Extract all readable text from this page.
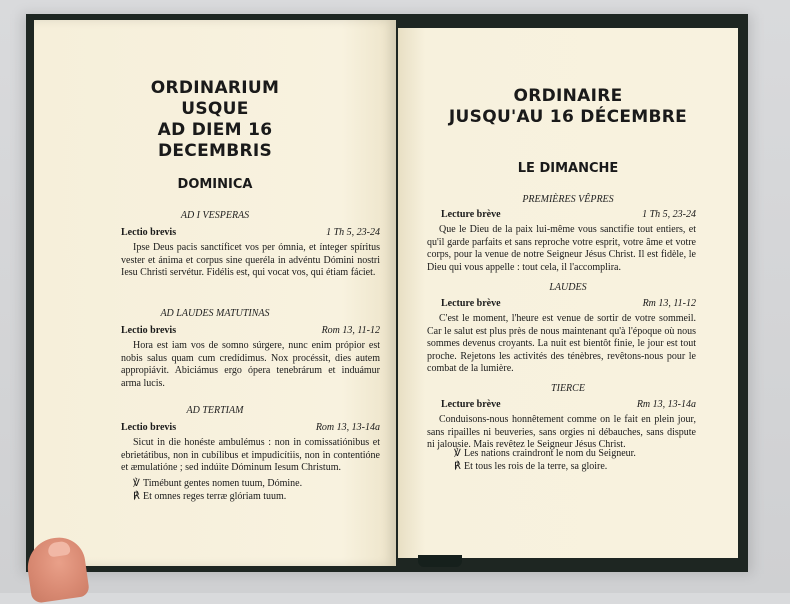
ORDINARIUM
USQUE
AD DIEM 16 DECEMBRIS
DOMINICA
AD I VESPERAS
Lectio brevis	1 Th 5, 23-24

Ipse Deus pacis sanctíficet vos per ómnia, et ínteger spíritus vester et ánima et corpus sine queréla in advéntu Dómini nostri Iesu Christi servétur. Fidélis est, qui vocat vos, qui étiam fáciet.

AD LAUDES MATUTINAS
Lectio brevis	Rom 13, 11-12

Hora est iam vos de somno súrgere, nunc enim própior est nobis salus quam cum credídimus. Nox procéssit, dies autem appropiávit. Abiciámus ergo ópera tenebrárum et induámur arma lucis.

AD TERTIAM
Lectio brevis	Rom 13, 13-14a

Sicut in die honéste ambulémus : non in comissatiónibus et ebrietátibus, non in cubílibus et impudicítiis, non in contentióne et æmulatióne ; sed indúite Dóminum Iesum Christum.

℣ Timébunt gentes nomen tuum, Dómine.

℟ Et omnes reges terræ glóriam tuum.

ORDINAIRE
JUSQU'AU 16 DÉCEMBRE
LE DIMANCHE
PREMIÈRES VÊPRES
Lecture brève	1 Th 5, 23-24

Que le Dieu de la paix lui-même vous sanctifie tout entiers, et qu'il garde parfaits et sans reproche votre esprit, votre âme et votre corps, pour la venue de notre Seigneur Jésus Christ. Il est fidèle, le Dieu qui vous appelle : tout cela, il l'accomplira.

LAUDES
Lecture brève	Rm 13, 11-12

C'est le moment, l'heure est venue de sortir de votre sommeil. Car le salut est plus près de nous maintenant qu'à l'époque où nous sommes devenus croyants. La nuit est bientôt finie, le jour est tout proche. Rejetons les activités des ténèbres, revêtons-nous pour le combat de la lumière.

TIERCE
Lecture brève	Rm 13, 13-14a

Conduisons-nous honnêtement comme on le fait en plein jour, sans ripailles ni beuveries, sans orgies ni débauches, sans dispute ni jalousie. Mais revêtez le Seigneur Jésus Christ.

℣ Les nations craindront le nom du Seigneur.

℟ Et tous les rois de la terre, sa gloire.
